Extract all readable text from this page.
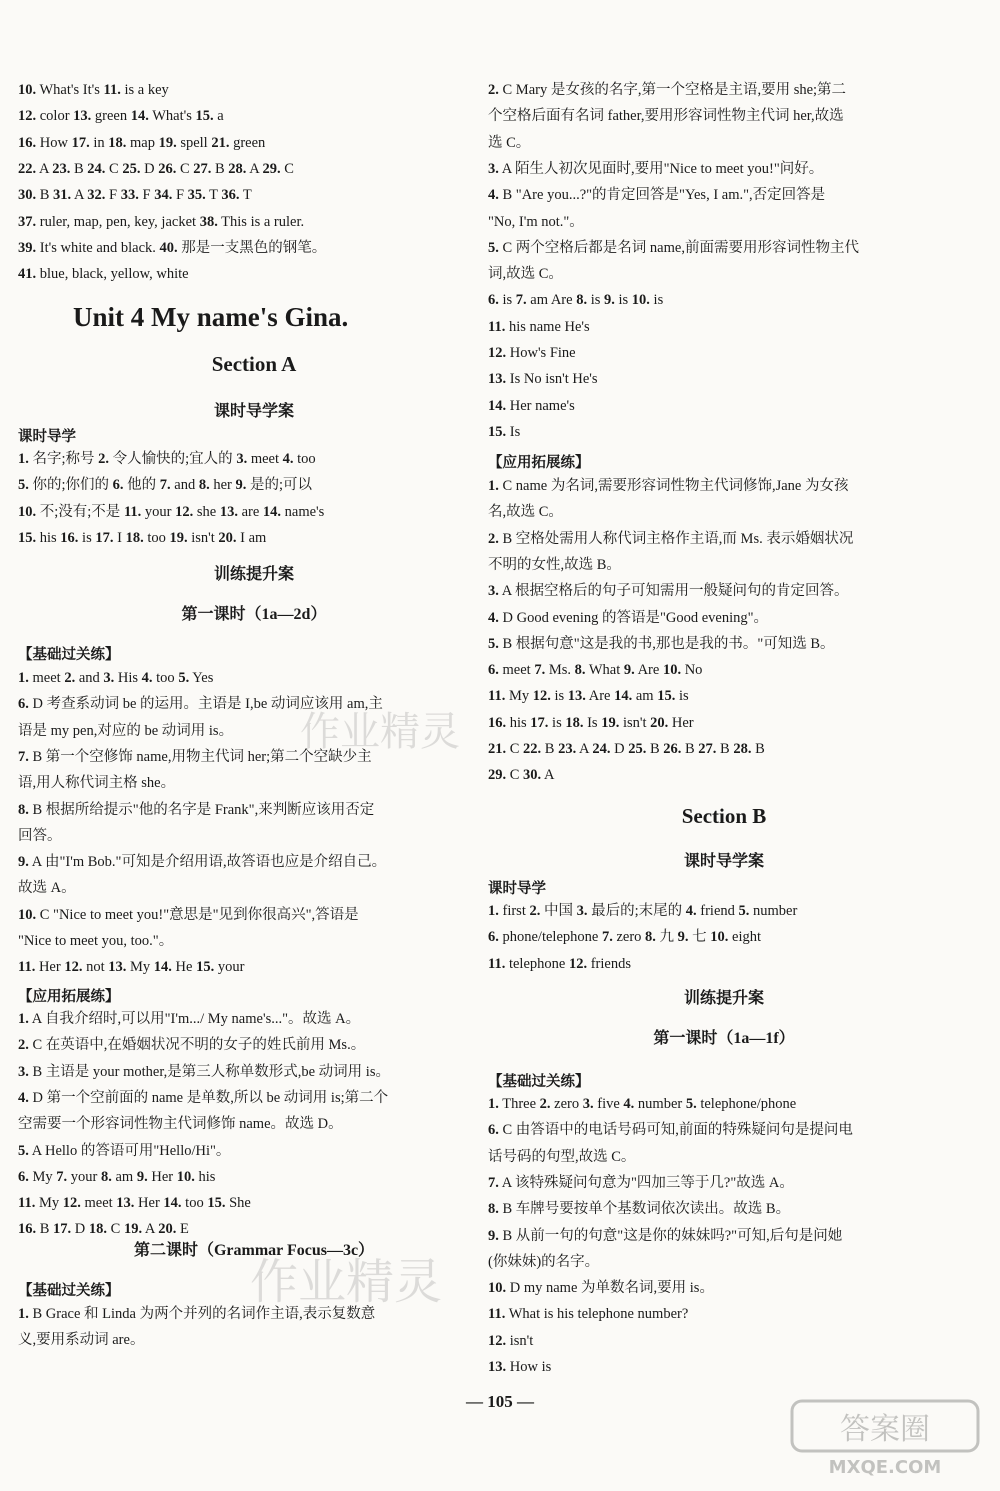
10. What's It's 11. is a key
12. color 13. green 14. What's 15. a
16. How 17. in 18. map 19. spell 21. green
22. A 23. B 24. C 25. D 26. C 27. B 28. A 29. C
30. B 31. A 32. F 33. F 34. F 35. T 36. T
37. ruler, map, pen, key, jacket 38. This is a ruler.
39. It's white and black. 40. 那是一支黑色的钢笔。
41. blue, black, yellow, white
Unit 4 My name's Gina.
Section A
课时导学案
课时导学
1. 名字;称号 2. 令人愉快的;宜人的 3. meet 4. too
5. 你的;你们的 6. 他的 7. and 8. her 9. 是的;可以
10. 不;没有;不是 11. your 12. she 13. are 14. name's
15. his 16. is 17. I 18. too 19. isn't 20. I am
训练提升案
第一课时（1a—2d）
【基础过关练】
1. meet 2. and 3. His 4. too 5. Yes
6. D 考查系动词 be 的运用。主语是 I,be 动词应该用 am,主
语是 my pen,对应的 be 动词用 is。
7. B 第一个空修饰 name,用物主代词 her;第二个空缺少主
语,用人称代词主格 she。
8. B 根据所给提示"他的名字是 Frank",来判断应该用否定
回答。
9. A 由"I'm Bob."可知是介绍用语,故答语也应是介绍自己。
故选 A。
10. C "Nice to meet you!"意思是"见到你很高兴",答语是
"Nice to meet you, too."。
11. Her 12. not 13. My 14. He 15. your
【应用拓展练】
1. A 自我介绍时,可以用"I'm.../ My name's..."。故选 A。
2. C 在英语中,在婚姻状况不明的女子的姓氏前用 Ms.。
3. B 主语是 your mother,是第三人称单数形式,be 动词用 is。
4. D 第一个空前面的 name 是单数,所以 be 动词用 is;第二个
空需要一个形容词性物主代词修饰 name。故选 D。
5. A Hello 的答语可用"Hello/Hi"。
6. My 7. your 8. am 9. Her 10. his
11. My 12. meet 13. Her 14. too 15. She
16. B 17. D 18. C 19. A 20. E
第二课时（Grammar Focus—3c）
【基础过关练】
1. B Grace 和 Linda 为两个并列的名词作主语,表示复数意
义,要用系动词 are。
2. C Mary 是女孩的名字,第一个空格是主语,要用 she;第二
个空格后面有名词 father,要用形容词性物主代词 her,故选
选 C。
3. A 陌生人初次见面时,要用"Nice to meet you!"问好。
4. B "Are you...?"的肯定回答是"Yes, I am.",否定回答是
"No, I'm not."。
5. C 两个空格后都是名词 name,前面需要用形容词性物主代
词,故选 C。
6. is 7. am Are 8. is 9. is 10. is
11. his name He's
12. How's Fine
13. Is No isn't He's
14. Her name's
15. Is
【应用拓展练】
1. C name 为名词,需要形容词性物主代词修饰,Jane 为女孩
名,故选 C。
2. B 空格处需用人称代词主格作主语,而 Ms. 表示婚姻状况
不明的女性,故选 B。
3. A 根据空格后的句子可知需用一般疑问句的肯定回答。
4. D Good evening 的答语是"Good evening"。
5. B 根据句意"这是我的书,那也是我的书。"可知选 B。
6. meet 7. Ms. 8. What 9. Are 10. No
11. My 12. is 13. Are 14. am 15. is
16. his 17. is 18. Is 19. isn't 20. Her
21. C 22. B 23. A 24. D 25. B 26. B 27. B 28. B
29. C 30. A
Section B
课时导学案
课时导学
1. first 2. 中国 3. 最后的;末尾的 4. friend 5. number
6. phone/telephone 7. zero 8. 九 9. 七 10. eight
11. telephone 12. friends
训练提升案
第一课时（1a—1f）
【基础过关练】
1. Three 2. zero 3. five 4. number 5. telephone/phone
6. C 由答语中的电话号码可知,前面的特殊疑问句是提问电
话号码的句型,故选 C。
7. A 该特殊疑问句意为"四加三等于几?"故选 A。
8. B 车牌号要按单个基数词依次读出。故选 B。
9. B 从前一句的句意"这是你的妹妹吗?"可知,后句是问她
(你妹妹)的名字。
10. D my name 为单数名词,要用 is。
11. What is his telephone number?
12. isn't
13. How is
— 105 —
作业精灵
作业精灵
答案圈
MXQE.COM
